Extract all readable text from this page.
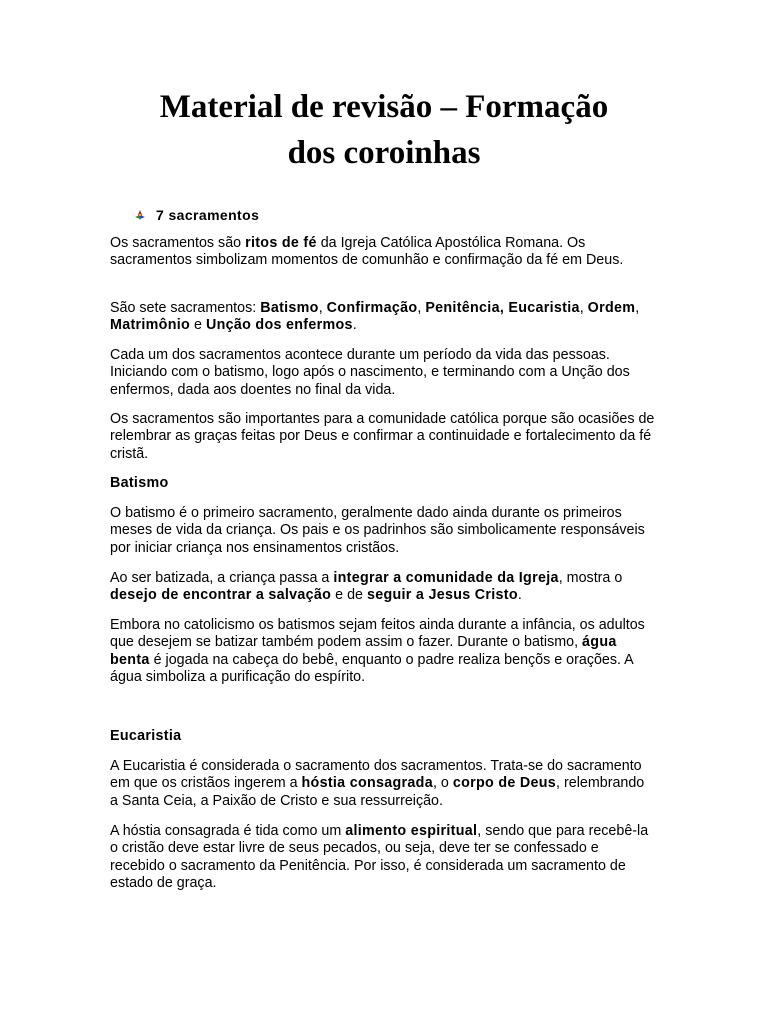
Material de revisão – Formação
dos coroinhas
7 sacramentos

Os sacramentos são ritos de fé da Igreja Católica Apostólica Romana. Os sacramentos simbolizam momentos de comunhão e confirmação da fé em Deus.

São sete sacramentos: Batismo, Confirmação, Penitência, Eucaristia, Ordem, Matrimônio e Unção dos enfermos.

Cada um dos sacramentos acontece durante um período da vida das pessoas. Iniciando com o batismo, logo após o nascimento, e terminando com a Unção dos enfermos, dada aos doentes no final da vida.

Os sacramentos são importantes para a comunidade católica porque são ocasiões de relembrar as graças feitas por Deus e confirmar a continuidade e fortalecimento da fé cristã.

Batismo

O batismo é o primeiro sacramento, geralmente dado ainda durante os primeiros meses de vida da criança. Os pais e os padrinhos são simbolicamente responsáveis por iniciar criança nos ensinamentos cristãos.

Ao ser batizada, a criança passa a integrar a comunidade da Igreja, mostra o desejo de encontrar a salvação e de seguir a Jesus Cristo.

Embora no catolicismo os batismos sejam feitos ainda durante a infância, os adultos que desejem se batizar também podem assim o fazer. Durante o batismo, água benta é jogada na cabeça do bebê, enquanto o padre realiza bençõs e orações. A água simboliza a purificação do espírito.

Eucaristia

A Eucaristia é considerada o sacramento dos sacramentos. Trata-se do sacramento em que os cristãos ingerem a hóstia consagrada, o corpo de Deus, relembrando a Santa Ceia, a Paixão de Cristo e sua ressurreição.

A hóstia consagrada é tida como um alimento espiritual, sendo que para recebê-la o cristão deve estar livre de seus pecados, ou seja, deve ter se confessado e recebido o sacramento da Penitência. Por isso, é considerada um sacramento de estado de graça.
